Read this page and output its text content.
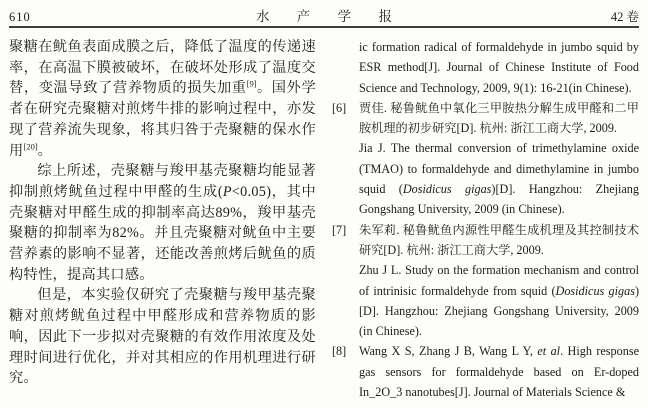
610	水 产 学 报	42 卷

聚糖在鱿鱼表面成膜之后，降低了温度的传递速率，在高温下膜被破坏，在破坏处形成了温度交替，变温导致了营养物质的损失加重[9]。国外学者在研究壳聚糖对煎烤牛排的影响过程中，亦发现了营养流失现象，将其归咎于壳聚糖的保水作用[20]。

综上所述，壳聚糖与羧甲基壳聚糖均能显著抑制煎烤鱿鱼过程中甲醛的生成(P<0.05)，其中壳聚糖对甲醛生成的抑制率高达89%，羧甲基壳聚糖的抑制率为82%。并且壳聚糖对鱿鱼中主要营养素的影响不显著，还能改善煎烤后鱿鱼的质构特性，提高其口感。

但是，本实验仅研究了壳聚糖与羧甲基壳聚糖对煎烤鱿鱼过程中甲醛形成和营养物质的影响，因此下一步拟对壳聚糖的有效作用浓度及处理时间进行优化，并对其相应的作用机理进行研究。

ic formation radical of formaldehyde in jumbo squid by ESR method[J]. Journal of Chinese Institute of Food Science and Technology, 2009, 9(1): 16-21(in Chinese).
[6]	贾佳. 秘鲁鱿鱼中氧化三甲胺热分解生成甲醛和二甲胺机理的初步研究[D]. 杭州: 浙江工商大学, 2009.
Jia J. The thermal conversion of trimethylamine oxide (TMAO) to formaldehyde and dimethylamine in jumbo squid (Dosidicus gigas)[D]. Hangzhou: Zhejiang Gongshang University, 2009 (in Chinese).
[7]	朱军莉. 秘鲁鱿鱼内源性甲醛生成机理及其控制技术研究[D]. 杭州: 浙江工商大学, 2009.
Zhu J L. Study on the formation mechanism and control of intrinisic formaldehyde from squid (Dosidicus gigas)[D]. Hangzhou: Zhejiang Gongshang University, 2009 (in Chinese).
[8]	Wang X S, Zhang J B, Wang L Y, et al. High response gas sensors for formaldehyde based on Er-doped In_2O_3 nanotubes[J]. Journal of Materials Science &
